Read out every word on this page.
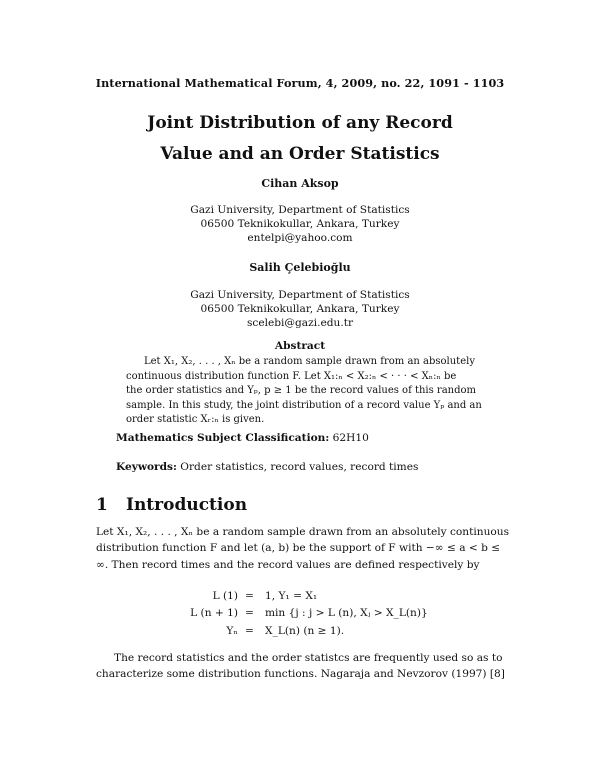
International Mathematical Forum, 4, 2009, no. 22, 1091 - 1103
Joint Distribution of any Record
Value and an Order Statistics
Cihan Aksop
Gazi University, Department of Statistics
06500 Teknikokullar, Ankara, Turkey
entelpi@yahoo.com
Salih Çelebioğlu
Gazi University, Department of Statistics
06500 Teknikokullar, Ankara, Turkey
scelebi@gazi.edu.tr
Abstract
Let X₁, X₂, . . . , Xₙ be a random sample drawn from an absolutely
continuous distribution function F. Let X₁:ₙ < X₂:ₙ < · · · < Xₙ:ₙ be
the order statistics and Yₚ, p ≥ 1 be the record values of this random
sample. In this study, the joint distribution of a record value Yₚ and an
order statistic Xᵣ:ₙ is given.
Mathematics Subject Classification: 62H10
Keywords: Order statistics, record values, record times
1 Introduction
Let X₁, X₂, . . . , Xₙ be a random sample drawn from an absolutely continuous
distribution function F and let (a, b) be the support of F with −∞ ≤ a < b ≤
∞. Then record times and the record values are defined respectively by
L (1) = 1, Y₁ = X₁
L (n + 1) = min {j : j > L (n), Xⱼ > X_L(n)}
Yₙ = X_L(n) (n ≥ 1).
The record statistics and the order statistcs are frequently used so as to
characterize some distribution functions. Nagaraja and Nevzorov (1997) [8]
